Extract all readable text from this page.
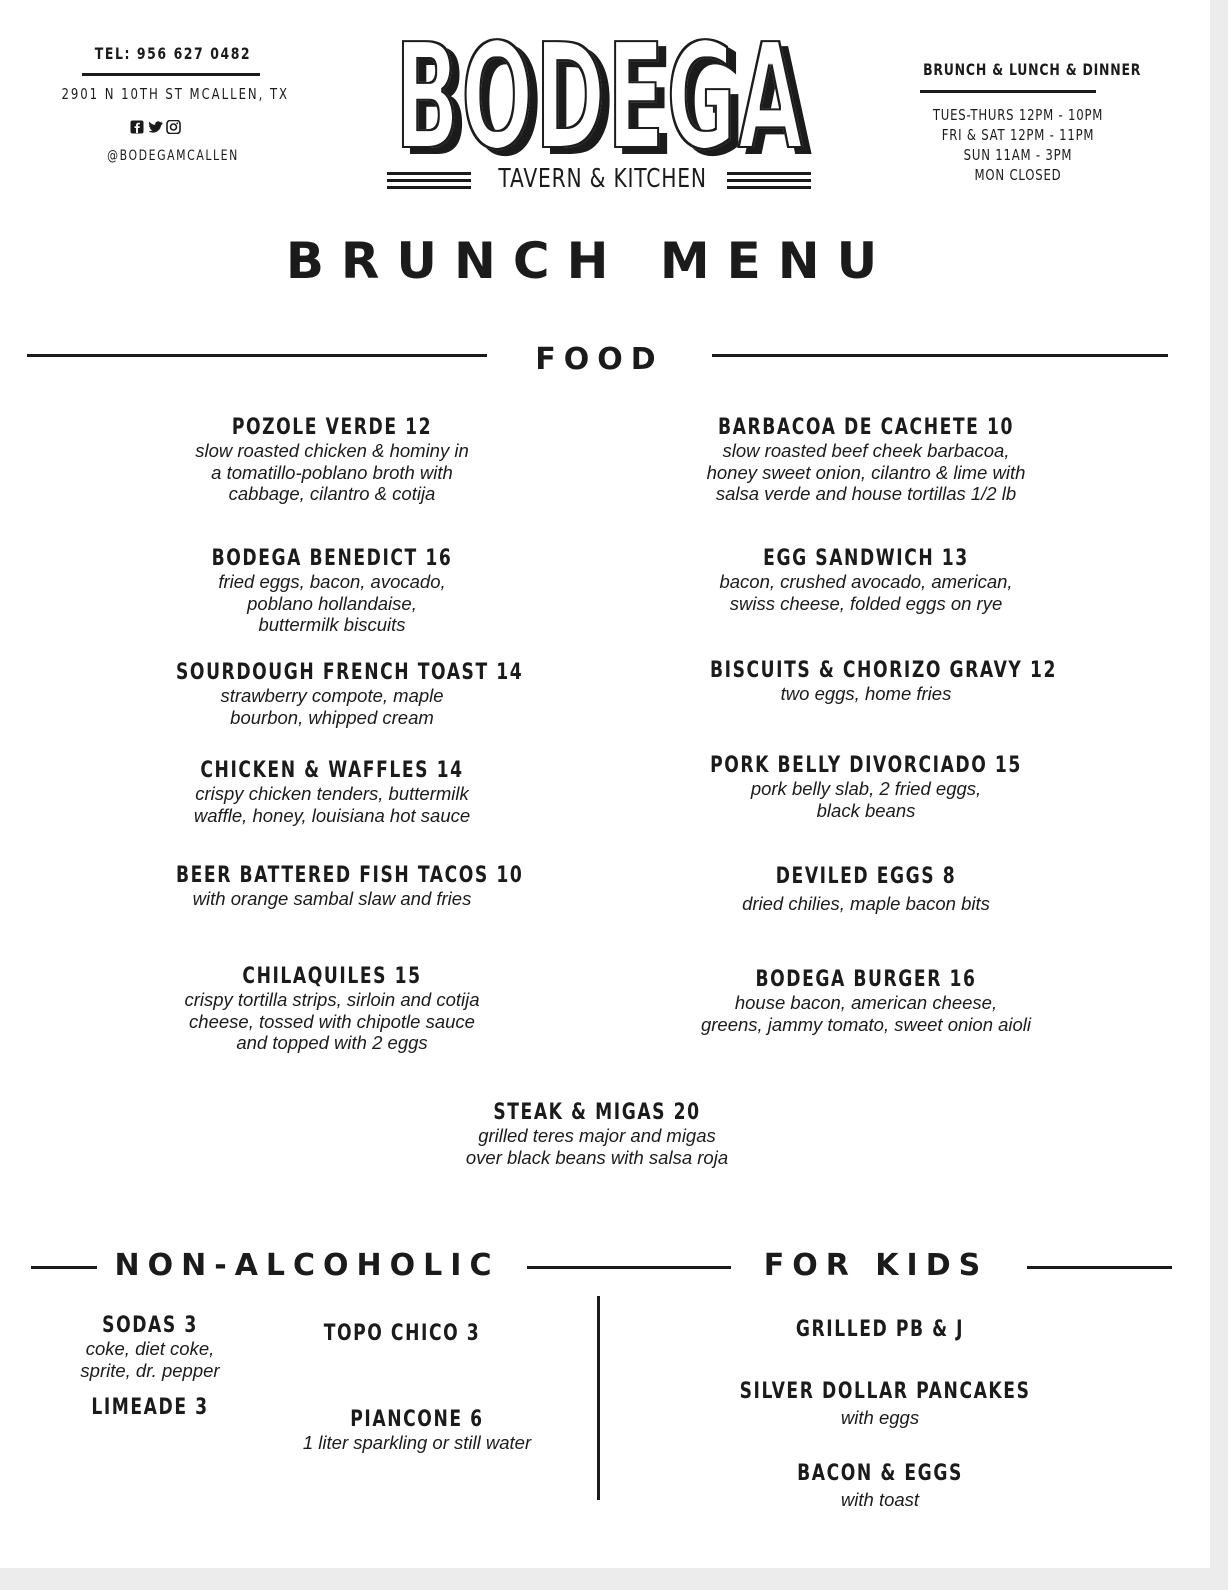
TEL: 956 627 0482
2901 N 10TH ST MCALLEN, TX
@BODEGAMCALLEN BODEGA
BODEGA
BODEGA
TAVERN & KITCHEN
BRUNCH & LUNCH & DINNER
TUES-THURS 12PM - 10PM
FRI & SAT 12PM - 11PM
SUN 11AM - 3PM
MON CLOSED
BRUNCH MENU
FOOD
POZOLE VERDE 12
slow roasted chicken & hominy in
a tomatillo-poblano broth with
cabbage, cilantro & cotija
BARBACOA DE CACHETE 10
slow roasted beef cheek barbacoa,
honey sweet onion, cilantro & lime with
salsa verde and house tortillas 1/2 lb
BODEGA BENEDICT 16
fried eggs, bacon, avocado,
poblano hollandaise,
buttermilk biscuits
EGG SANDWICH 13
bacon, crushed avocado, american,
swiss cheese, folded eggs on rye
SOURDOUGH FRENCH TOAST 14
strawberry compote, maple
bourbon, whipped cream
BISCUITS & CHORIZO GRAVY 12
two eggs, home fries
CHICKEN & WAFFLES 14
crispy chicken tenders, buttermilk
waffle, honey, louisiana hot sauce
PORK BELLY DIVORCIADO 15
pork belly slab, 2 fried eggs,
black beans
BEER BATTERED FISH TACOS 10
with orange sambal slaw and fries
DEVILED EGGS 8
dried chilies, maple bacon bits
CHILAQUILES 15
crispy tortilla strips, sirloin and cotija
cheese, tossed with chipotle sauce
and topped with 2 eggs
BODEGA BURGER 16
house bacon, american cheese,
greens, jammy tomato, sweet onion aioli
STEAK & MIGAS 20
grilled teres major and migas
over black beans with salsa roja
NON-ALCOHOLIC	FOR KIDS
SODAS 3
coke, diet coke,
sprite, dr. pepper
TOPO CHICO 3
LIMEADE 3	PIANCONE 6
1 liter sparkling or still water
GRILLED PB & J
SILVER DOLLAR PANCAKES
with eggs
BACON & EGGS
with toast
